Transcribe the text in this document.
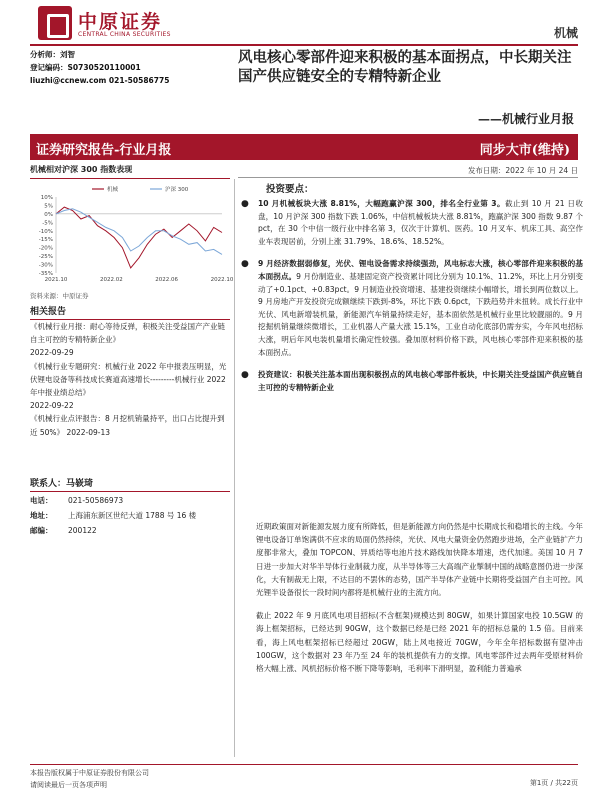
中原证券
CENTRAL CHINA SECURITIES	机械
分析师：刘智
登记编码：S0730520110001
liuzhi@ccnew.com 021-50586775
风电核心零部件迎来积极的基本面拐点，中长期关注国产供应链安全的专精特新企业
——机械行业月报
证券研究报告-行业月报	同步大市(维持)
机械相对沪深 300 指数表现	发布日期：2022 年 10 月 24 日
10%
5%
0%
-5%
-10%
-15%
-20%
-25%
-30%
-35%
2021.10	2022.02	2022.06	2022.10
机械	沪深 300
资料来源：中原证券
相关报告
《机械行业月报：耐心等待反弹，积极关注受益国产产业链自主可控的专精特新企业》
2022-09-29
《机械行业专题研究：机械行业 2022 年中报表压明显，光伏锂电设备等科技成长赛道高速增长---------机械行业 2022 年中报业绩总结》
2022-09-22
《机械行业点评报告：8 月挖机销量持平，出口占比提升到近 50%》 2022-09-13
联系人：马嵚琦
电话：	021-50586973
地址：	上海浦东新区世纪大道 1788 号 16 楼
邮编：	200122
投资要点：
● 10 月机械板块大涨 8.81%，大幅跑赢沪深 300，排名全行业第 3。截止到 10 月 21 日收盘，10 月沪深 300 指数下跌 1.06%，中信机械板块大涨 8.81%，跑赢沪深 300 指数 9.87 个 pct，在 30 个中信一级行业中排名第 3，仅次于计算机、医药。10 月叉车、机床工具、高空作业车表现居前，分别上涨 31.79%、18.6%、18.52%。
● 9 月经济数据弱修复，光伏、锂电设备需求持续强劲，风电标志大涨，核心零部件迎来积极的基本面拐点。9 月份制造业、基建固定资产投资累计同比分别为 10.1%、11.2%，环比上月分别变动了+0.1pct、+0.83pct。9 月制造业投资增速、基建投资继续小幅增长，增长到两位数以上。9 月房地产开发投资完成额继续下跌到-8%，环比下跌 0.6pct，下跌趋势并未扭转。成长行业中光伏、风电新增装机量，新能源汽车销量持续走好，基本面依然是机械行业里比较靓丽的。9 月挖掘机销量继续微增长，工业机器人产量大涨 15.1%，工业自动化底部仍需夯实，今年风电招标大涨，明后年风电装机量增长确定性较强。叠加原材料价格下跌，风电核心零部件迎来积极的基本面拐点。
● 投资建议：积极关注基本面出现积极拐点的风电核心零部件板块，中长期关注受益国产供应链自主可控的专精特新企业

近期政策面对新能源发展力度有所降低，但是新能源方向仍然是中长期成长和稳增长的主线。今年锂电设备订单饱满供不应求的局面仍然持续，光伏、风电大量资金仍然跑步进场，全产业链扩产力度都非常大，叠加 TOPCON、异质结等电池片技术路线加快降本增速，迭代加速。美国 10 月 7 日进一步加大对华半导体行业制裁力度，从半导体等三大高端产业掣制中国的战略意图仍进一步深化，大有制裁无上限，不达目的不罢休的态势，国产半导体产业链中长期将受益国产自主可控。风光锂半设备很长一段时间内都将是机械行业的主流方向。

截止 2022 年 9 月底风电项目招标(不含框架)规模达到 80GW，如果计算国家电投 10.5GW 的海上框架招标，已经达到 90GW，这个数据已经是已经 2021 年的招标总量的 1.5 倍。目前来看，海上风电框架招标已经超过 20GW，陆上风电接近 70GW，今年全年招标数据有望冲击 100GW，这个数据对 23 年乃至 24 年的装机提供有力的支撑。风电零部件过去两年受原材料价格大幅上涨、风机招标价格不断下降等影响，毛利率下滑明显，盈利能力普遍承

本报告版权属于中原证券股份有限公司
请阅读最后一页各项声明	第1页 / 共22页
